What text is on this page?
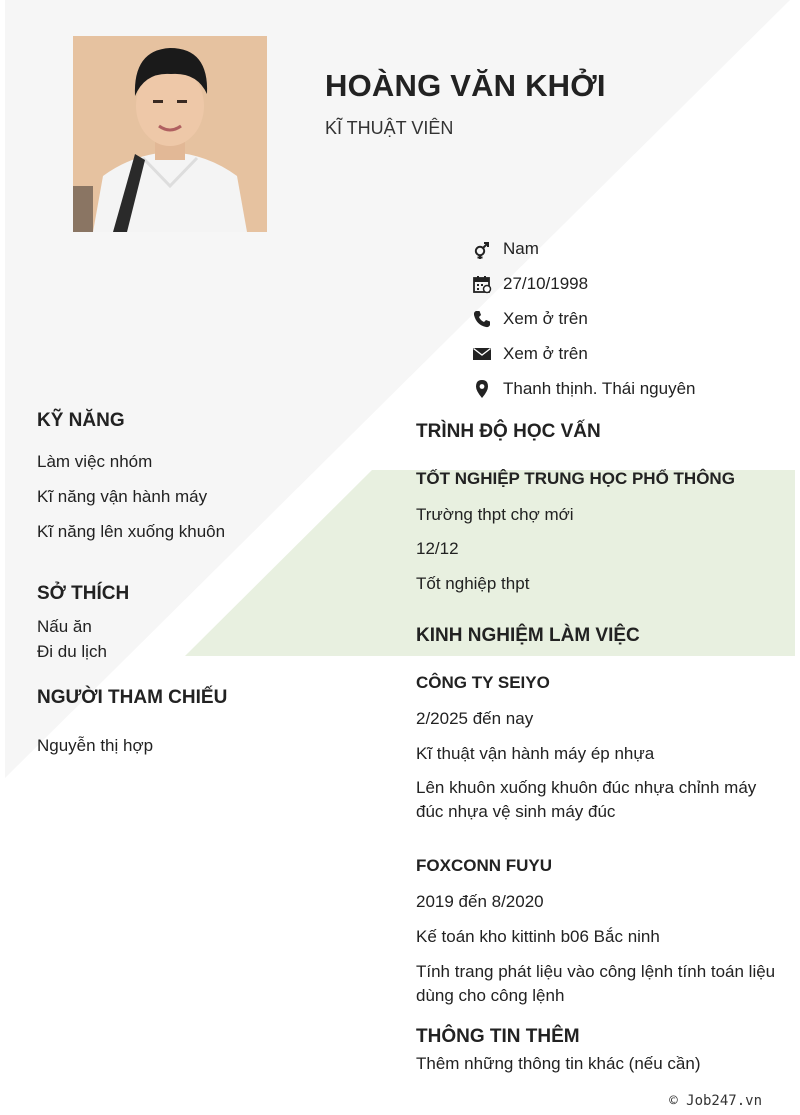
HOÀNG VĂN KHỞI
KĨ THUẬT VIÊN
Nam
27/10/1998
Xem ở trên
Xem ở trên
Thanh thịnh. Thái nguyên
KỸ NĂNG
Làm việc nhóm
Kĩ năng vận hành máy
Kĩ năng lên xuống khuôn
SỞ THÍCH
Nấu ăn
Đi du lịch
NGƯỜI THAM CHIẾU
Nguyễn thị hợp
TRÌNH ĐỘ HỌC VẤN
TỐT NGHIỆP TRUNG HỌC PHỔ THÔNG
Trường thpt chợ mới
12/12
Tốt nghiệp thpt
KINH NGHIỆM LÀM VIỆC
CÔNG TY SEIYO
2/2025 đến nay
Kĩ thuật vận hành máy ép nhựa
Lên khuôn xuống khuôn đúc nhựa chỉnh máy đúc nhựa vệ sinh máy đúc
FOXCONN FUYU
2019 đến 8/2020
Kế toán kho kittinh b06 Bắc ninh
Tính trang phát liệu vào công lệnh tính toán liệu dùng cho công lệnh
THÔNG TIN THÊM
Thêm những thông tin khác (nếu cần)
© Job247.vn
